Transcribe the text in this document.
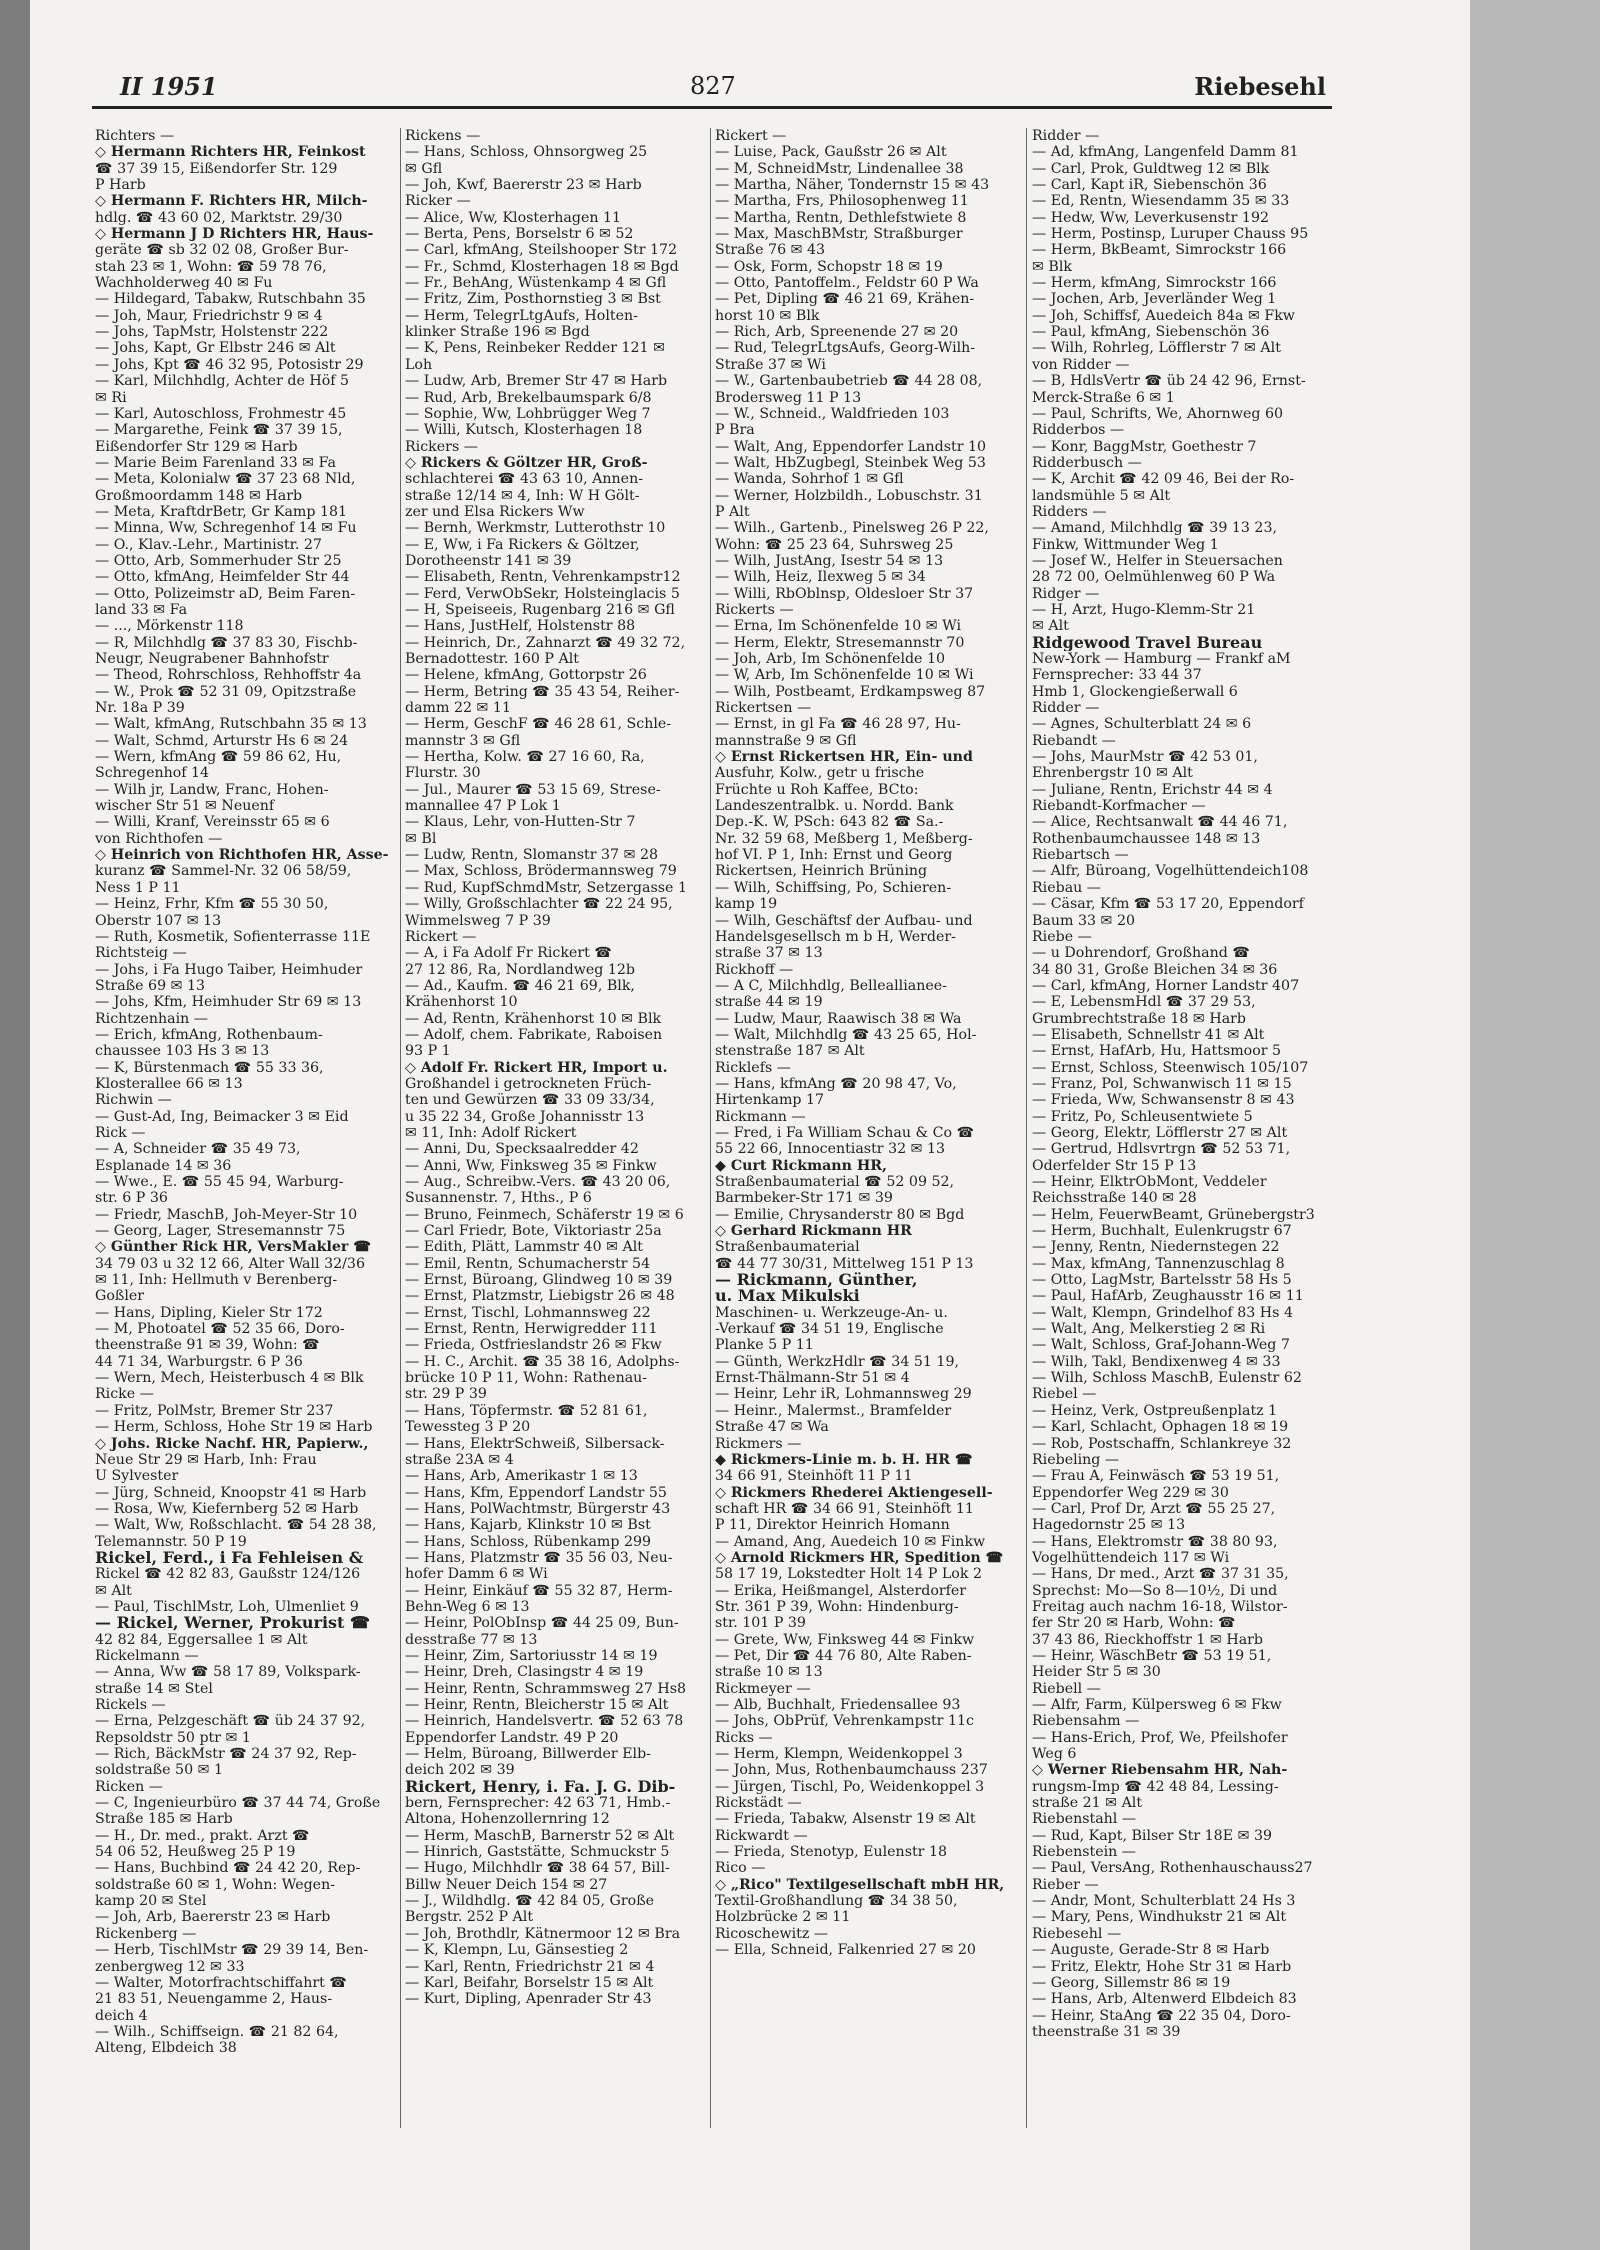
II 1951	827	Riebesehl
Richters —
◇ Hermann Richters HR, Feinkost
☎ 37 39 15, Eißendorfer Str. 129
P Harb
◇ Hermann F. Richters HR, Milch-
hdlg. ☎ 43 60 02, Marktstr. 29/30
◇ Hermann J D Richters HR, Haus-
geräte ☎ sb 32 02 08, Großer Bur-
stah 23 ✉ 1, Wohn: ☎ 59 78 76,
Wachholderweg 40 ✉ Fu
— Hildegard, Tabakw, Rutschbahn 35
— Joh, Maur, Friedrichstr 9 ✉ 4
— Johs, TapMstr, Holstenstr 222
— Johs, Kapt, Gr Elbstr 246 ✉ Alt
— Johs, Kpt ☎ 46 32 95, Potosistr 29
— Karl, Milchhdlg, Achter de Höf 5
✉ Ri
— Karl, Autoschloss, Frohmestr 45
— Margarethe, Feink ☎ 37 39 15,
Eißendorfer Str 129 ✉ Harb
— Marie Beim Farenland 33 ✉ Fa
— Meta, Kolonialw ☎ 37 23 68 Nld,
Großmoordamm 148 ✉ Harb
— Meta, KraftdrBetr, Gr Kamp 181
— Minna, Ww, Schregenhof 14 ✉ Fu
— O., Klav.-Lehr., Martinistr. 27
— Otto, Arb, Sommerhuder Str 25
— Otto, kfmAng, Heimfelder Str 44
— Otto, Polizeimstr aD, Beim Faren-
land 33 ✉ Fa
— ..., Mörkenstr 118
— R, Milchhdlg ☎ 37 83 30, Fischb-
Neugr, Neugrabener Bahnhofstr
— Theod, Rohrschloss, Rehhoffstr 4a
— W., Prok ☎ 52 31 09, Opitzstraße
Nr. 18a P 39
— Walt, kfmAng, Rutschbahn 35 ✉ 13
— Walt, Schmd, Arturstr Hs 6 ✉ 24
— Wern, kfmAng ☎ 59 86 62, Hu,
Schregenhof 14
— Wilh jr, Landw, Franc, Hohen-
wischer Str 51 ✉ Neuenf
— Willi, Kranf, Vereinsstr 65 ✉ 6
von Richthofen —
◇ Heinrich von Richthofen HR, Asse-
kuranz ☎ Sammel-Nr. 32 06 58/59,
Ness 1 P 11
— Heinz, Frhr, Kfm ☎ 55 30 50,
Oberstr 107 ✉ 13
— Ruth, Kosmetik, Sofienterrasse 11E
Richtsteig —
— Johs, i Fa Hugo Taiber, Heimhuder
Straße 69 ✉ 13
— Johs, Kfm, Heimhuder Str 69 ✉ 13
Richtzenhain —
— Erich, kfmAng, Rothenbaum-
chaussee 103 Hs 3 ✉ 13
— K, Bürstenmach ☎ 55 33 36,
Klosterallee 66 ✉ 13
Richwin —
— Gust-Ad, Ing, Beimacker 3 ✉ Eid
Rick —
— A, Schneider ☎ 35 49 73,
Esplanade 14 ✉ 36
— Wwe., E. ☎ 55 45 94, Warburg-
str. 6 P 36
— Friedr, MaschB, Joh-Meyer-Str 10
— Georg, Lager, Stresemannstr 75
◇ Günther Rick HR, VersMakler ☎
34 79 03 u 32 12 66, Alter Wall 32/36
✉ 11, Inh: Hellmuth v Berenberg-
Goßler
— Hans, Dipling, Kieler Str 172
— M, Photoatel ☎ 52 35 66, Doro-
theenstraße 91 ✉ 39, Wohn: ☎
44 71 34, Warburgstr. 6 P 36
— Wern, Mech, Heisterbusch 4 ✉ Blk
Ricke —
— Fritz, PolMstr, Bremer Str 237
— Herm, Schloss, Hohe Str 19 ✉ Harb
◇ Johs. Ricke Nachf. HR, Papierw.,
Neue Str 29 ✉ Harb, Inh: Frau
U Sylvester
— Jürg, Schneid, Knoopstr 41 ✉ Harb
— Rosa, Ww, Kiefernberg 52 ✉ Harb
— Walt, Ww, Roßschlacht. ☎ 54 28 38,
Telemannstr. 50 P 19
Rickel, Ferd., i Fa Fehleisen &
Rickel ☎ 42 82 83, Gaußstr 124/126
✉ Alt
— Paul, TischlMstr, Loh, Ulmenliet 9
— Rickel, Werner, Prokurist ☎
42 82 84, Eggersallee 1 ✉ Alt
Rickelmann —
— Anna, Ww ☎ 58 17 89, Volkspark-
straße 14 ✉ Stel
Rickels —
— Erna, Pelzgeschäft ☎ üb 24 37 92,
Repsoldstr 50 ptr ✉ 1
— Rich, BäckMstr ☎ 24 37 92, Rep-
soldstraße 50 ✉ 1
Ricken —
— C, Ingenieurbüro ☎ 37 44 74, Große
Straße 185 ✉ Harb
— H., Dr. med., prakt. Arzt ☎
54 06 52, Heußweg 25 P 19
— Hans, Buchbind ☎ 24 42 20, Rep-
soldstraße 60 ✉ 1, Wohn: Wegen-
kamp 20 ✉ Stel
— Joh, Arb, Baererstr 23 ✉ Harb
Rickenberg —
— Herb, TischlMstr ☎ 29 39 14, Ben-
zenbergweg 12 ✉ 33
— Walter, Motorfrachtschiffahrt ☎
21 83 51, Neuengamme 2, Haus-
deich 4
— Wilh., Schiffseign. ☎ 21 82 64,
Alteng, Elbdeich 38
Rickens —
— Hans, Schloss, Ohnsorgweg 25
✉ Gfl
— Joh, Kwf, Baererstr 23 ✉ Harb
Ricker —
— Alice, Ww, Klosterhagen 11
— Berta, Pens, Borselstr 6 ✉ 52
— Carl, kfmAng, Steilshooper Str 172
— Fr., Schmd, Klosterhagen 18 ✉ Bgd
— Fr., BehAng, Wüstenkamp 4 ✉ Gfl
— Fritz, Zim, Posthornstieg 3 ✉ Bst
— Herm, TelegrLtgAufs, Holten-
klinker Straße 196 ✉ Bgd
— K, Pens, Reinbeker Redder 121 ✉
Loh
— Ludw, Arb, Bremer Str 47 ✉ Harb
— Rud, Arb, Brekelbaumspark 6/8
— Sophie, Ww, Lohbrügger Weg 7
— Willi, Kutsch, Klosterhagen 18
Rickers —
◇ Rickers & Göltzer HR, Groß-
schlachterei ☎ 43 63 10, Annen-
straße 12/14 ✉ 4, Inh: W H Gölt-
zer und Elsa Rickers Ww
— Bernh, Werkmstr, Lutterothstr 10
— E, Ww, i Fa Rickers & Göltzer,
Dorotheenstr 141 ✉ 39
— Elisabeth, Rentn, Vehrenkampstr12
— Ferd, VerwObSekr, Holsteinglacis 5
— H, Speiseeis, Rugenbarg 216 ✉ Gfl
— Hans, JustHelf, Holstenstr 88
— Heinrich, Dr., Zahnarzt ☎ 49 32 72,
Bernadottestr. 160 P Alt
— Helene, kfmAng, Gottorpstr 26
— Herm, Betring ☎ 35 43 54, Reiher-
damm 22 ✉ 11
— Herm, GeschF ☎ 46 28 61, Schle-
mannstr 3 ✉ Gfl
— Hertha, Kolw. ☎ 27 16 60, Ra,
Flurstr. 30
— Jul., Maurer ☎ 53 15 69, Strese-
mannallee 47 P Lok 1
— Klaus, Lehr, von-Hutten-Str 7
✉ Bl
— Ludw, Rentn, Slomanstr 37 ✉ 28
— Max, Schloss, Brödermannsweg 79
— Rud, KupfSchmdMstr, Setzergasse 1
— Willy, Großschlachter ☎ 22 24 95,
Wimmelsweg 7 P 39
Rickert —
— A, i Fa Adolf Fr Rickert ☎
27 12 86, Ra, Nordlandweg 12b
— Ad., Kaufm. ☎ 46 21 69, Blk,
Krähenhorst 10
— Ad, Rentn, Krähenhorst 10 ✉ Blk
— Adolf, chem. Fabrikate, Raboisen
93 P 1
◇ Adolf Fr. Rickert HR, Import u.
Großhandel i getrockneten Früch-
ten und Gewürzen ☎ 33 09 33/34,
u 35 22 34, Große Johannisstr 13
✉ 11, Inh: Adolf Rickert
— Anni, Du, Specksaalredder 42
— Anni, Ww, Finksweg 35 ✉ Finkw
— Aug., Schreibw.-Vers. ☎ 43 20 06,
Susannenstr. 7, Hths., P 6
— Bruno, Feinmech, Schäferstr 19 ✉ 6
— Carl Friedr, Bote, Viktoriastr 25a
— Edith, Plätt, Lammstr 40 ✉ Alt
— Emil, Rentn, Schumacherstr 54
— Ernst, Büroang, Glindweg 10 ✉ 39
— Ernst, Platzmstr, Liebigstr 26 ✉ 48
— Ernst, Tischl, Lohmannsweg 22
— Ernst, Rentn, Herwigredder 111
— Frieda, Ostfrieslandstr 26 ✉ Fkw
— H. C., Archit. ☎ 35 38 16, Adolphs-
brücke 10 P 11, Wohn: Rathenau-
str. 29 P 39
— Hans, Töpfermstr. ☎ 52 81 61,
Tewessteg 3 P 20
— Hans, ElektrSchweiß, Silbersack-
straße 23A ✉ 4
— Hans, Arb, Amerikastr 1 ✉ 13
— Hans, Kfm, Eppendorf Landstr 55
— Hans, PolWachtmstr, Bürgerstr 43
— Hans, Kajarb, Klinkstr 10 ✉ Bst
— Hans, Schloss, Rübenkamp 299
— Hans, Platzmstr ☎ 35 56 03, Neu-
hofer Damm 6 ✉ Wi
— Heinr, Einkäuf ☎ 55 32 87, Herm-
Behn-Weg 6 ✉ 13
— Heinr, PolObInsp ☎ 44 25 09, Bun-
desstraße 77 ✉ 13
— Heinr, Zim, Sartoriusstr 14 ✉ 19
— Heinr, Dreh, Clasingstr 4 ✉ 19
— Heinr, Rentn, Schrammsweg 27 Hs8
— Heinr, Rentn, Bleicherstr 15 ✉ Alt
— Heinrich, Handelsvertr. ☎ 52 63 78
Eppendorfer Landstr. 49 P 20
— Helm, Büroang, Billwerder Elb-
deich 202 ✉ 39
Rickert, Henry, i. Fa. J. G. Dib-
bern, Fernsprecher: 42 63 71, Hmb.-
Altona, Hohenzollernring 12
— Herm, MaschB, Barnerstr 52 ✉ Alt
— Hinrich, Gaststätte, Schmuckstr 5
— Hugo, Milchhdlr ☎ 38 64 57, Bill-
Billw Neuer Deich 154 ✉ 27
— J., Wildhdlg. ☎ 42 84 05, Große
Bergstr. 252 P Alt
— Joh, Brothdlr, Kätnermoor 12 ✉ Bra
— K, Klempn, Lu, Gänsestieg 2
— Karl, Rentn, Friedrichstr 21 ✉ 4
— Karl, Beifahr, Borselstr 15 ✉ Alt
— Kurt, Dipling, Apenrader Str 43
Rickert —
— Luise, Pack, Gaußstr 26 ✉ Alt
— M, SchneidMstr, Lindenallee 38
— Martha, Näher, Tondernstr 15 ✉ 43
— Martha, Frs, Philosophenweg 11
— Martha, Rentn, Dethlefstwiete 8
— Max, MaschBMstr, Straßburger
Straße 76 ✉ 43
— Osk, Form, Schopstr 18 ✉ 19
— Otto, Pantoffelm., Feldstr 60 P Wa
— Pet, Dipling ☎ 46 21 69, Krähen-
horst 10 ✉ Blk
— Rich, Arb, Spreenende 27 ✉ 20
— Rud, TelegrLtgsAufs, Georg-Wilh-
Straße 37 ✉ Wi
— W., Gartenbaubetrieb ☎ 44 28 08,
Brodersweg 11 P 13
— W., Schneid., Waldfrieden 103
P Bra
— Walt, Ang, Eppendorfer Landstr 10
— Walt, HbZugbegl, Steinbek Weg 53
— Wanda, Sohrhof 1 ✉ Gfl
— Werner, Holzbildh., Lobuschstr. 31
P Alt
— Wilh., Gartenb., Pinelsweg 26 P 22,
Wohn: ☎ 25 23 64, Suhrsweg 25
— Wilh, JustAng, Isestr 54 ✉ 13
— Wilh, Heiz, Ilexweg 5 ✉ 34
— Willi, RbOblnsp, Oldesloer Str 37
Rickerts —
— Erna, Im Schönenfelde 10 ✉ Wi
— Herm, Elektr, Stresemannstr 70
— Joh, Arb, Im Schönenfelde 10
— W, Arb, Im Schönenfelde 10 ✉ Wi
— Wilh, Postbeamt, Erdkampsweg 87
Rickertsen —
— Ernst, in gl Fa ☎ 46 28 97, Hu-
mannstraße 9 ✉ Gfl
◇ Ernst Rickertsen HR, Ein- und
Ausfuhr, Kolw., getr u frische
Früchte u Roh Kaffee, BCto:
Landeszentralbk. u. Nordd. Bank
Dep.-K. W, PSch: 643 82 ☎ Sa.-
Nr. 32 59 68, Meßberg 1, Meßberg-
hof VI. P 1, Inh: Ernst und Georg
Rickertsen, Heinrich Brüning
— Wilh, Schiffsing, Po, Schieren-
kamp 19
— Wilh, Geschäftsf der Aufbau- und
Handelsgesellsch m b H, Werder-
straße 37 ✉ 13
Rickhoff —
— A C, Milchhdlg, Belleallianee-
straße 44 ✉ 19
— Ludw, Maur, Raawisch 38 ✉ Wa
— Walt, Milchhdlg ☎ 43 25 65, Hol-
stenstraße 187 ✉ Alt
Ricklefs —
— Hans, kfmAng ☎ 20 98 47, Vo,
Hirtenkamp 17
Rickmann —
— Fred, i Fa William Schau & Co ☎
55 22 66, Innocentiastr 32 ✉ 13
◆ Curt Rickmann HR,
Straßenbaumaterial ☎ 52 09 52,
Barmbeker-Str 171 ✉ 39
— Emilie, Chrysanderstr 80 ✉ Bgd
◇ Gerhard Rickmann HR
Straßenbaumaterial
☎ 44 77 30/31, Mittelweg 151 P 13
— Rickmann, Günther,
u. Max Mikulski
Maschinen- u. Werkzeuge-An- u.
-Verkauf ☎ 34 51 19, Englische
Planke 5 P 11
— Günth, WerkzHdlr ☎ 34 51 19,
Ernst-Thälmann-Str 51 ✉ 4
— Heinr, Lehr iR, Lohmannsweg 29
— Heinr., Malermst., Bramfelder
Straße 47 ✉ Wa
Rickmers —
◆ Rickmers-Linie m. b. H. HR ☎
34 66 91, Steinhöft 11 P 11
◇ Rickmers Rhederei Aktiengesell-
schaft HR ☎ 34 66 91, Steinhöft 11
P 11, Direktor Heinrich Homann
— Amand, Ang, Auedeich 10 ✉ Finkw
◇ Arnold Rickmers HR, Spedition ☎
58 17 19, Lokstedter Holt 14 P Lok 2
— Erika, Heißmangel, Alsterdorfer
Str. 361 P 39, Wohn: Hindenburg-
str. 101 P 39
— Grete, Ww, Finksweg 44 ✉ Finkw
— Pet, Dir ☎ 44 76 80, Alte Raben-
straße 10 ✉ 13
Rickmeyer —
— Alb, Buchhalt, Friedensallee 93
— Johs, ObPrüf, Vehrenkampstr 11c
Ricks —
— Herm, Klempn, Weidenkoppel 3
— John, Mus, Rothenbaumchauss 237
— Jürgen, Tischl, Po, Weidenkoppel 3
Rickstädt —
— Frieda, Tabakw, Alsenstr 19 ✉ Alt
Rickwardt —
— Frieda, Stenotyp, Eulenstr 18
Rico —
◇ „Rico" Textilgesellschaft mbH HR,
Textil-Großhandlung ☎ 34 38 50,
Holzbrücke 2 ✉ 11
Ricoschewitz —
— Ella, Schneid, Falkenried 27 ✉ 20
Ridder —
— Ad, kfmAng, Langenfeld Damm 81
— Carl, Prok, Guldtweg 12 ✉ Blk
— Carl, Kapt iR, Siebenschön 36
— Ed, Rentn, Wiesendamm 35 ✉ 33
— Hedw, Ww, Leverkusenstr 192
— Herm, Postinsp, Luruper Chauss 95
— Herm, BkBeamt, Simrockstr 166
✉ Blk
— Herm, kfmAng, Simrockstr 166
— Jochen, Arb, Jeverländer Weg 1
— Joh, Schiffsf, Auedeich 84a ✉ Fkw
— Paul, kfmAng, Siebenschön 36
— Wilh, Rohrleg, Löfflerstr 7 ✉ Alt
von Ridder —
— B, HdlsVertr ☎ üb 24 42 96, Ernst-
Merck-Straße 6 ✉ 1
— Paul, Schrifts, We, Ahornweg 60
Ridderbos —
— Konr, BaggMstr, Goethestr 7
Ridderbusch —
— K, Archit ☎ 42 09 46, Bei der Ro-
landsmühle 5 ✉ Alt
Ridders —
— Amand, Milchhdlg ☎ 39 13 23,
Finkw, Wittmunder Weg 1
— Josef W., Helfer in Steuersachen
28 72 00, Oelmühlenweg 60 P Wa
Ridger —
— H, Arzt, Hugo-Klemm-Str 21
✉ Alt
Ridgewood Travel Bureau
New-York — Hamburg — Frankf aM
Fernsprecher: 33 44 37
Hmb 1, Glockengießerwall 6
Ridder —
— Agnes, Schulterblatt 24 ✉ 6
Riebandt —
— Johs, MaurMstr ☎ 42 53 01,
Ehrenbergstr 10 ✉ Alt
— Juliane, Rentn, Erichstr 44 ✉ 4
Riebandt-Korfmacher —
— Alice, Rechtsanwalt ☎ 44 46 71,
Rothenbaumchaussee 148 ✉ 13
Riebartsch —
— Alfr, Büroang, Vogelhüttendeich108
Riebau —
— Cäsar, Kfm ☎ 53 17 20, Eppendorf
Baum 33 ✉ 20
Riebe —
— u Dohrendorf, Großhand ☎
34 80 31, Große Bleichen 34 ✉ 36
— Carl, kfmAng, Horner Landstr 407
— E, LebensmHdl ☎ 37 29 53,
Grumbrechtstraße 18 ✉ Harb
— Elisabeth, Schnellstr 41 ✉ Alt
— Ernst, HafArb, Hu, Hattsmoor 5
— Ernst, Schloss, Steenwisch 105/107
— Franz, Pol, Schwanwisch 11 ✉ 15
— Frieda, Ww, Schwansenstr 8 ✉ 43
— Fritz, Po, Schleusentwiete 5
— Georg, Elektr, Löfflerstr 27 ✉ Alt
— Gertrud, Hdlsvrtrgn ☎ 52 53 71,
Oderfelder Str 15 P 13
— Heinr, ElktrObMont, Veddeler
Reichsstraße 140 ✉ 28
— Helm, FeuerwBeamt, Grünebergstr3
— Herm, Buchhalt, Eulenkrugstr 67
— Jenny, Rentn, Niedernstegen 22
— Max, kfmAng, Tannenzuschlag 8
— Otto, LagMstr, Bartelsstr 58 Hs 5
— Paul, HafArb, Zeughausstr 16 ✉ 11
— Walt, Klempn, Grindelhof 83 Hs 4
— Walt, Ang, Melkerstieg 2 ✉ Ri
— Walt, Schloss, Graf-Johann-Weg 7
— Wilh, Takl, Bendixenweg 4 ✉ 33
— Wilh, Schloss MaschB, Eulenstr 62
Riebel —
— Heinz, Verk, Ostpreußenplatz 1
— Karl, Schlacht, Ophagen 18 ✉ 19
— Rob, Postschaffn, Schlankreye 32
Riebeling —
— Frau A, Feinwäsch ☎ 53 19 51,
Eppendorfer Weg 229 ✉ 30
— Carl, Prof Dr, Arzt ☎ 55 25 27,
Hagedornstr 25 ✉ 13
— Hans, Elektromstr ☎ 38 80 93,
Vogelhüttendeich 117 ✉ Wi
— Hans, Dr med., Arzt ☎ 37 31 35,
Sprechst: Mo—So 8—10½, Di und
Freitag auch nachm 16-18, Wilstor-
fer Str 20 ✉ Harb, Wohn: ☎
37 43 86, Rieckhoffstr 1 ✉ Harb
— Heinr, WäschBetr ☎ 53 19 51,
Heider Str 5 ✉ 30
Riebell —
— Alfr, Farm, Külpersweg 6 ✉ Fkw
Riebensahm —
— Hans-Erich, Prof, We, Pfeilshofer
Weg 6
◇ Werner Riebensahm HR, Nah-
rungsm-Imp ☎ 42 48 84, Lessing-
straße 21 ✉ Alt
Riebenstahl —
— Rud, Kapt, Bilser Str 18E ✉ 39
Riebenstein —
— Paul, VersAng, Rothenhauschauss27
Rieber —
— Andr, Mont, Schulterblatt 24 Hs 3
— Mary, Pens, Windhukstr 21 ✉ Alt
Riebesehl —
— Auguste, Gerade-Str 8 ✉ Harb
— Fritz, Elektr, Hohe Str 31 ✉ Harb
— Georg, Sillemstr 86 ✉ 19
— Hans, Arb, Altenwerd Elbdeich 83
— Heinr, StaAng ☎ 22 35 04, Doro-
theenstraße 31 ✉ 39
